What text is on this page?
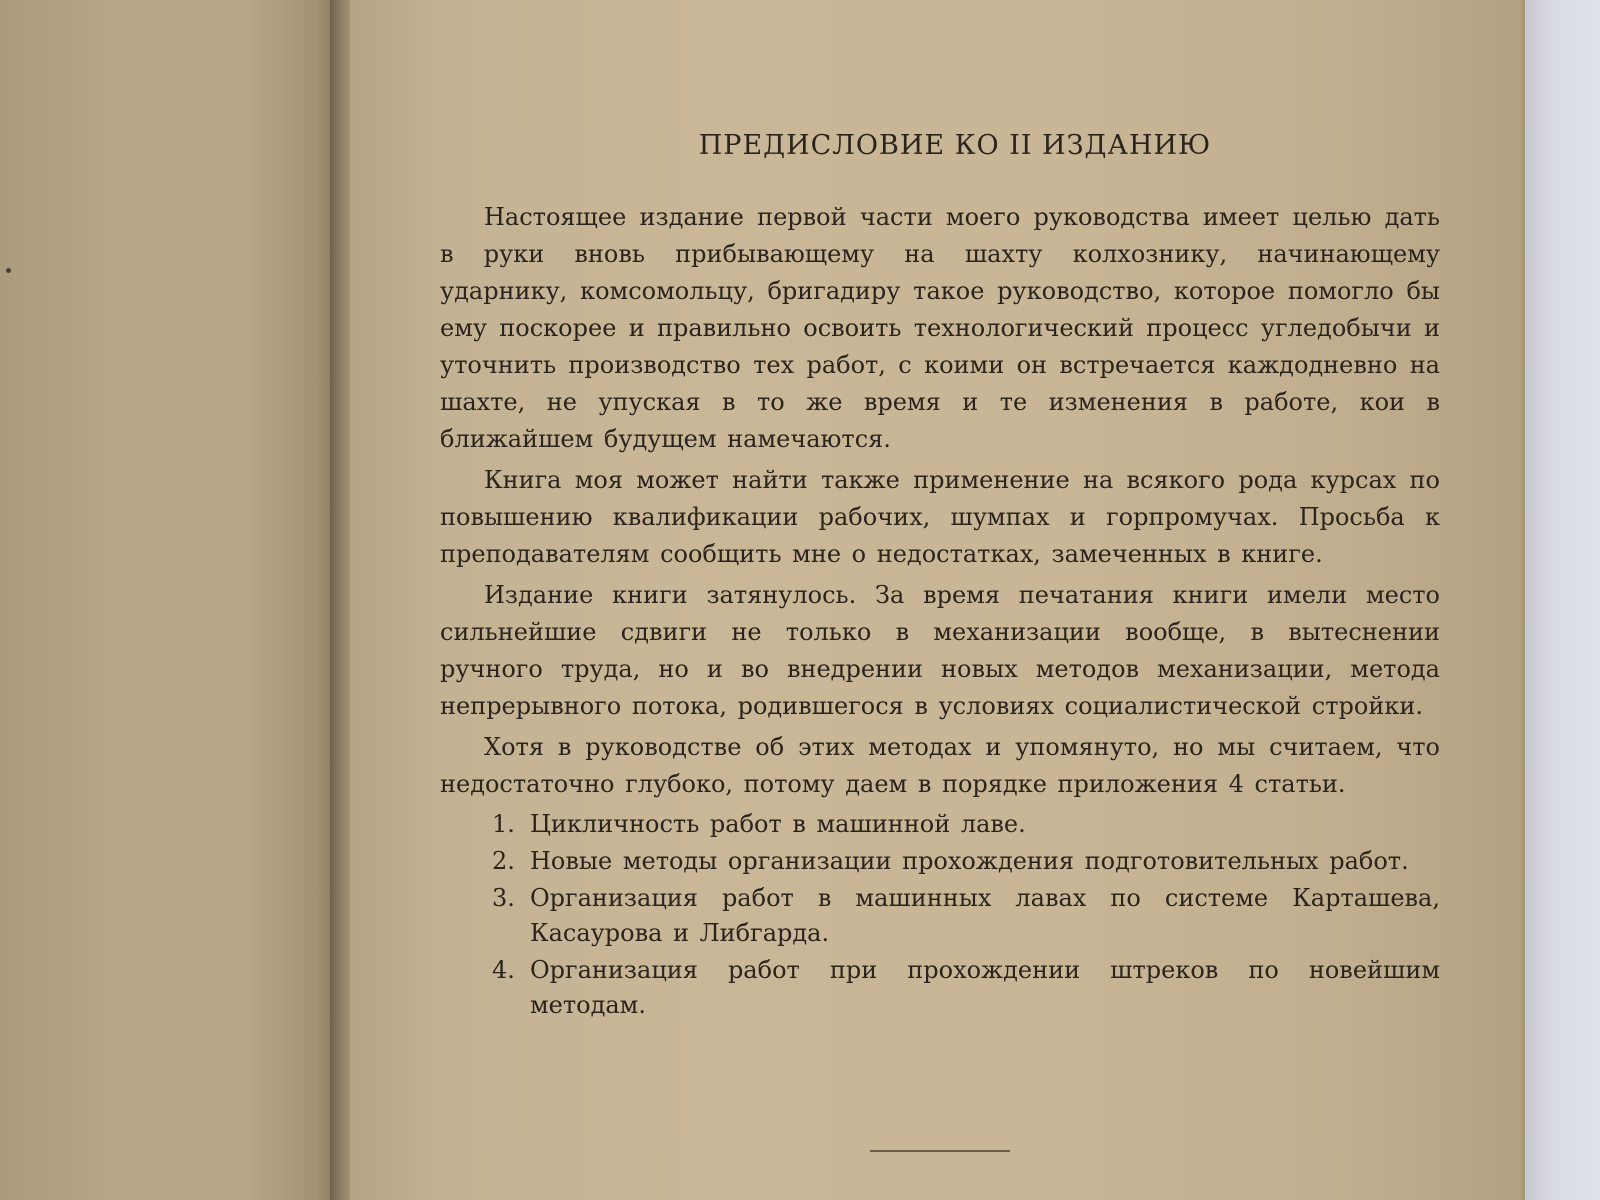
ПРЕДИСЛОВИЕ КО II ИЗДАНИЮ

Настоящее издание первой части моего руководства имеет целью дать в руки вновь прибывающему на шахту колхознику, начинающему ударнику, комсомольцу, бригадиру такое руководство, которое помогло бы ему поскорее и правильно освоить технологический процесс угледобычи и уточнить производство тех работ, с коими он встречается каждодневно на шахте, не упуская в то же время и те изменения в работе, кои в ближайшем будущем намечаются.

Книга моя может найти также применение на всякого рода курсах по повышению квалификации рабочих, шумпах и горпромучах. Просьба к преподавателям сообщить мне о недостатках, замеченных в книге.

Издание книги затянулось. За время печатания книги имели место сильнейшие сдвиги не только в механизации вообще, в вытеснении ручного труда, но и во внедрении новых методов механизации, метода непрерывного потока, родившегося в условиях социалистической стройки.

Хотя в руководстве об этих методах и упомянуто, но мы считаем, что недостаточно глубоко, потому даем в порядке приложения 4 статьи.

1. Цикличность работ в машинной лаве.
2. Новые методы организации прохождения подготовительных работ.
3. Организация работ в машинных лавах по системе Карташева, Касаурова и Либгарда.
4. Организация работ при прохождении штреков по новейшим методам.
